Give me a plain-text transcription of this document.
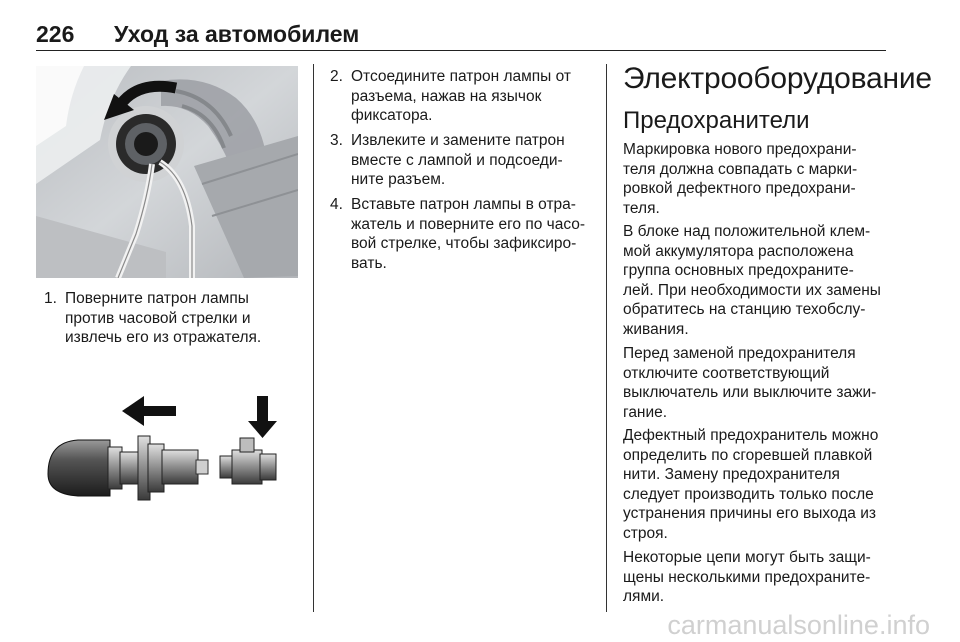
226 Уход за автомобилем
1. Поверните патрон лампы
против часовой стрелки и
извлечь его из отражателя.
2. Отсоедините патрон лампы от
разъема, нажав на язычок
фиксатора.
3. Извлеките и замените патрон
вместе с лампой и подсоеди-
ните разъем.
4. Вставьте патрон лампы в отра-
жатель и поверните его по часо-
вой стрелке, чтобы зафиксиро-
вать.
Электрооборудование
Предохранители
Маркировка нового предохрани-
теля должна совпадать с марки-
ровкой дефектного предохрани-
теля.
В блоке над положительной клем-
мой аккумулятора расположена
группа основных предохраните-
лей. При необходимости их замены
обратитесь на станцию техобслу-
живания.
Перед заменой предохранителя
отключите соответствующий
выключатель или выключите зажи-
гание.
Дефектный предохранитель можно
определить по сгоревшей плавкой
нити. Замену предохранителя
следует производить только после
устранения причины его выхода из
строя.
Некоторые цепи могут быть защи-
щены несколькими предохраните-
лями.
carmanualsonline.info
